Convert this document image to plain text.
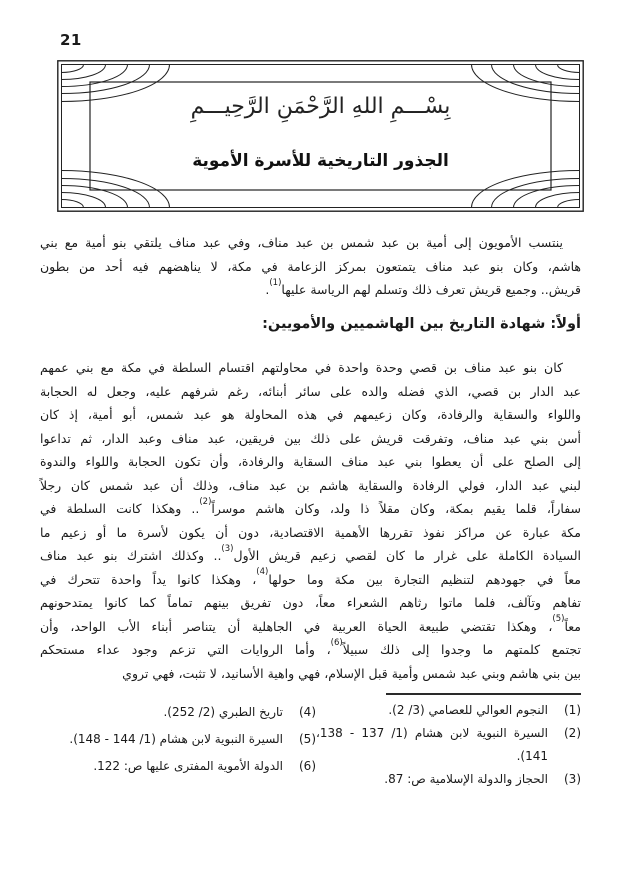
21
بِسْـــمِ اللهِ الرَّحْمَنِ الرَّحِيـــمِ
الجذور التاريخية للأسرة الأموية
ينتسب الأمويون إلى أمية بن عبد شمس بن عبد مناف، وفي عبد مناف يلتقي بنو أمية مع بني
هاشم، وكان بنو عبد مناف يتمتعون بمركز الزعامة في مكة، لا يناهضهم فيه أحد من بطون
قريش.. وجميع قريش تعرف ذلك وتسلم لهم الرياسة عليها$^{(1)}$.
أولاً: شهادة التاريخ بين الهاشميين والأمويين:
كان بنو عبد مناف بن قصي وحدة واحدة في محاولتهم اقتسام السلطة في مكة مع بني عمهم
عبد الدار بن قصي، الذي فضله والده على سائر أبنائه، رغم شرفهم عليه، وجعل له الحجابة
واللواء والسقاية والرفادة، وكان زعيمهم في هذه المحاولة هو عبد شمس، أبو أمية، إذ كان
أسن بني عبد مناف، وتفرقت قريش على ذلك بين فريقين، عبد مناف وعبد الدار، ثم تداعوا
إلى الصلح على أن يعطوا بني عبد مناف السقاية والرفادة، وأن تكون الحجابة واللواء والندوة
لبني عبد الدار، فولي الرفادة والسقاية هاشم بن عبد مناف، وذلك أن عبد شمس كان رجلاً
سفاراً، قلما يقيم بمكة، وكان مقلاً ذا ولد، وكان هاشم موسراً$^{(2)}$.. وهكذا كانت السلطة في
مكة عبارة عن مراكز نفوذ تقررها الأهمية الاقتصادية، دون أن يكون لأسرة ما أو زعيم ما
السيادة الكاملة على غرار ما كان لقصي زعيم قريش الأول$^{(3)}$.. وكذلك اشترك بنو عبد مناف
معاً في جهودهم لتنظيم التجارة بين مكة وما حولها$^{(4)}$، وهكذا كانوا يداً واحدة تتحرك في
تفاهم وتآلف، فلما ماتوا رثاهم الشعراء معاً، دون تفريق بينهم تماماً كما كانوا يمتدحونهم
معاً$^{(5)}$، وهكذا تقتضي طبيعة الحياة العربية في الجاهلية أن يتناصر أبناء الأب الواحد، وأن
تجتمع كلمتهم ما وجدوا إلى ذلك سبيلاً$^{(6)}$، وأما الروايات التي تزعم وجود عداء مستحكم
بين بني هاشم وبني عبد شمس وأمية قبل الإسلام، فهي واهية الأسانيد، لا تثبت، فهي تروي
(1)
النجوم العوالي للعصامي (3/ 2).
(2)
السيرة النبوية لابن هشام (1/ 137 - 138، 141).
(3)
الحجاز والدولة الإسلامية ص: 87.
(4)
تاريخ الطبري (2/ 252).
(5)
السيرة النبوية لابن هشام (1/ 144 - 148).
(6)
الدولة الأموية المفترى عليها ص: 122.
